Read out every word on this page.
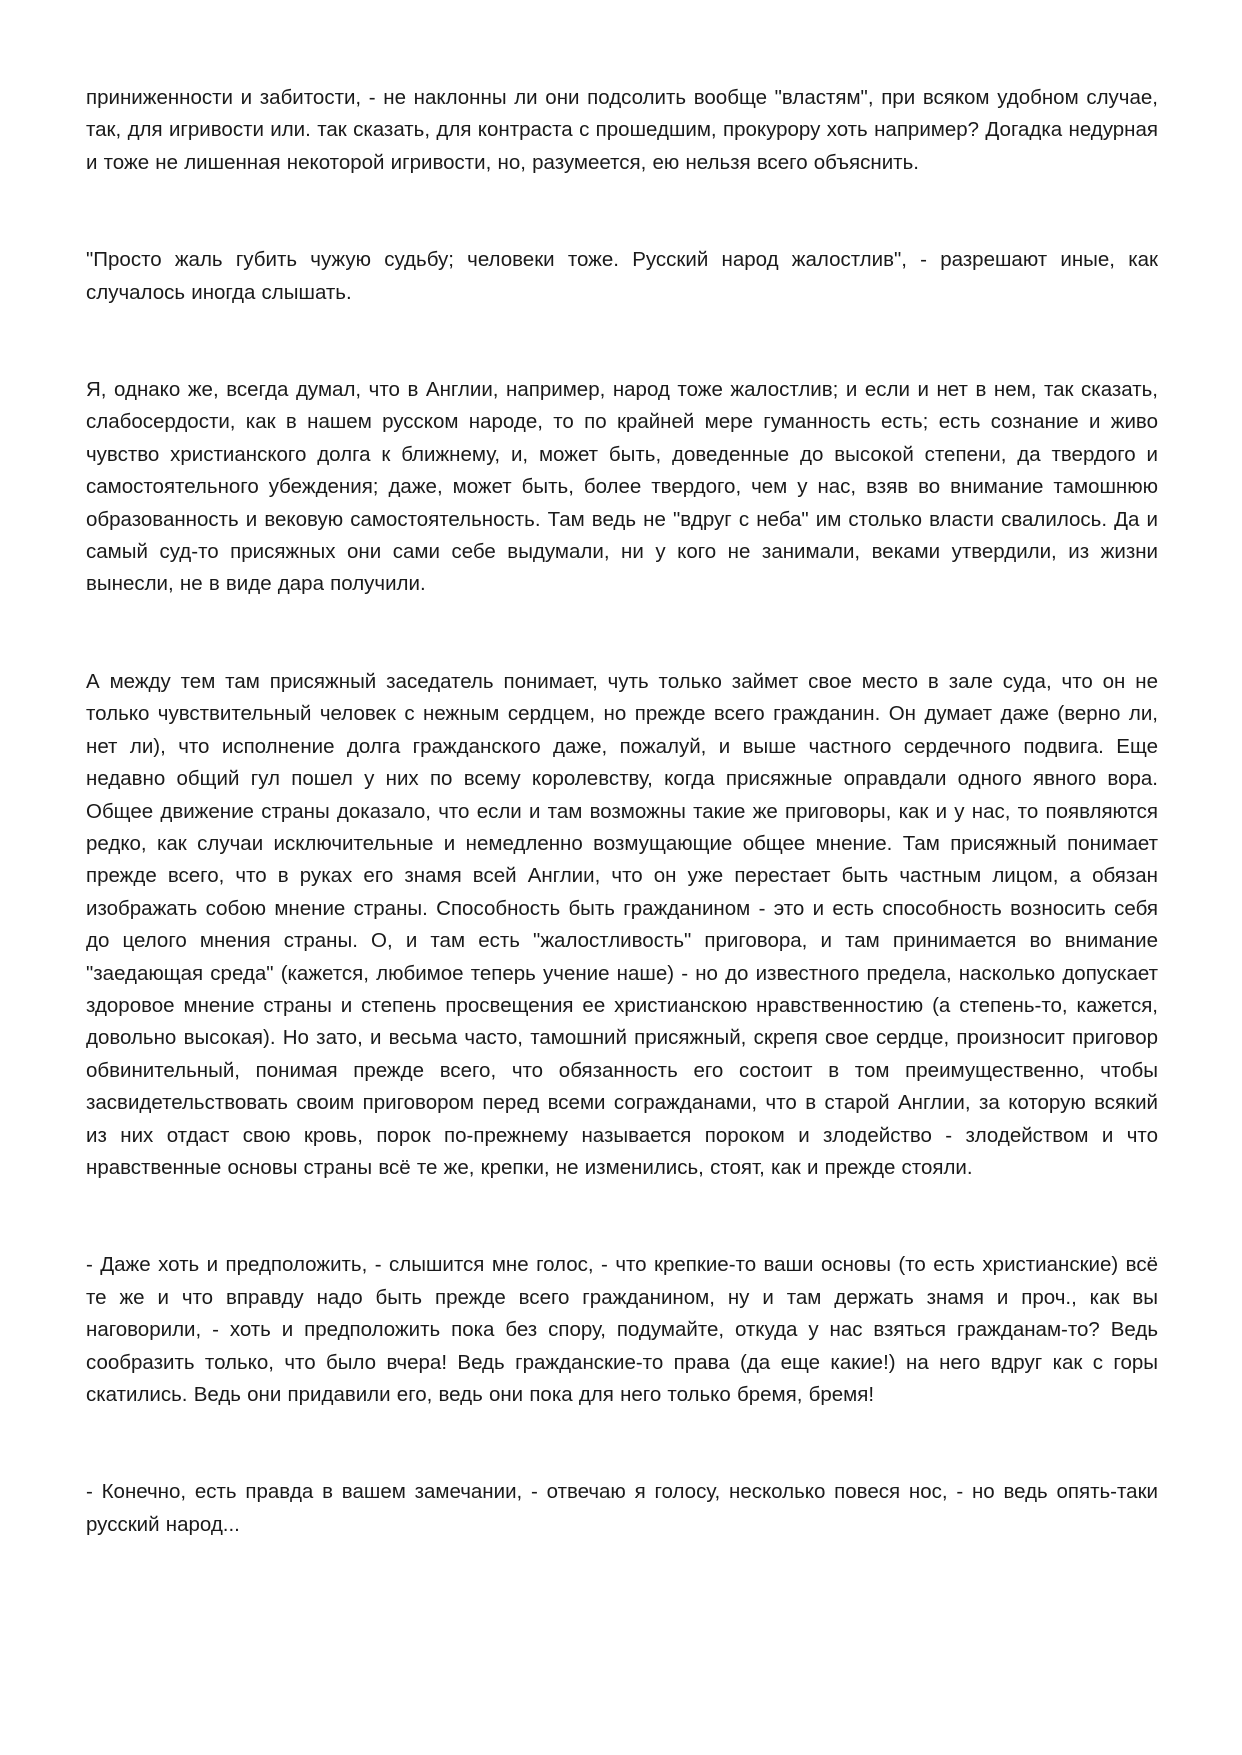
приниженности и забитости, - не наклонны ли они подсолить вообще "властям", при всяком удобном случае, так, для игривости или. так сказать, для контраста с прошедшим, прокурору хоть например? Догадка недурная и тоже не лишенная некоторой игривости, но, разумеется, ею нельзя всего объяснить.

"Просто жаль губить чужую судьбу; человеки тоже. Русский народ жалостлив", - разрешают иные, как случалось иногда слышать.

Я, однако же, всегда думал, что в Англии, например, народ тоже жалостлив; и если и нет в нем, так сказать, слабосердости, как в нашем русском народе, то по крайней мере гуманность есть; есть сознание и живо чувство христианского долга к ближнему, и, может быть, доведенные до высокой степени, да твердого и самостоятельного убеждения; даже, может быть, более твердого, чем у нас, взяв во внимание тамошнюю образованность и вековую самостоятельность. Там ведь не "вдруг с неба" им столько власти свалилось. Да и самый суд-то присяжных они сами себе выдумали, ни у кого не занимали, веками утвердили, из жизни вынесли, не в виде дара получили.

А между тем там присяжный заседатель понимает, чуть только займет свое место в зале суда, что он не только чувствительный человек с нежным сердцем, но прежде всего гражданин. Он думает даже (верно ли, нет ли), что исполнение долга гражданского даже, пожалуй, и выше частного сердечного подвига. Еще недавно общий гул пошел у них по всему королевству, когда присяжные оправдали одного явного вора. Общее движение страны доказало, что если и там возможны такие же приговоры, как и у нас, то появляются редко, как случаи исключительные и немедленно возмущающие общее мнение. Там присяжный понимает прежде всего, что в руках его знамя всей Англии, что он уже перестает быть частным лицом, а обязан изображать собою мнение страны. Способность быть гражданином - это и есть способность возносить себя до целого мнения страны. О, и там есть "жалостливость" приговора, и там принимается во внимание "заедающая среда" (кажется, любимое теперь учение наше) - но до известного предела, насколько допускает здоровое мнение страны и степень просвещения ее христианскою нравственностию (а степень-то, кажется, довольно высокая). Но зато, и весьма часто, тамошний присяжный, скрепя свое сердце, произносит приговор обвинительный, понимая прежде всего, что обязанность его состоит в том преимущественно, чтобы засвидетельствовать своим приговором перед всеми согражданами, что в старой Англии, за которую всякий из них отдаст свою кровь, порок по-прежнему называется пороком и злодейство - злодейством и что нравственные основы страны всё те же, крепки, не изменились, стоят, как и прежде стояли.

- Даже хоть и предположить, - слышится мне голос, - что крепкие-то ваши основы (то есть христианские) всё те же и что вправду надо быть прежде всего гражданином, ну и там держать знамя и проч., как вы наговорили, - хоть и предположить пока без спору, подумайте, откуда у нас взяться гражданам-то? Ведь сообразить только, что было вчера! Ведь гражданские-то права (да еще какие!) на него вдруг как с горы скатились. Ведь они придавили его, ведь они пока для него только бремя, бремя!

- Конечно, есть правда в вашем замечании, - отвечаю я голосу, несколько повеся нос, - но ведь опять-таки русский народ...
